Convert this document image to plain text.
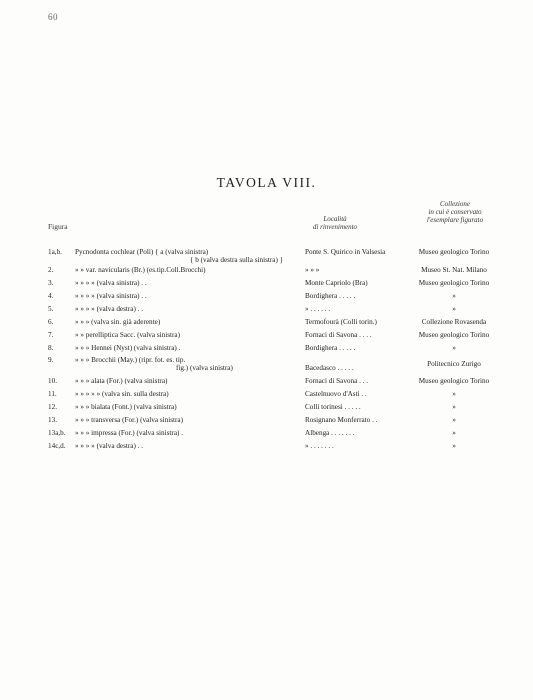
60
TAVOLA VIII.
Figura
Località
di rinvenimento
Collezione
in cui è conservato
l'esemplare figurato
1a,b. Pycnodonta cochlear (Poli) { a (valva sinistra)	Ponte S. Quirico in Valsesia	Museo geologico Torino
{ b (valva destra sulla sinistra) }
2.	» » var. navicularis (Br.) (es.tip.Coll.Brocchi)	» » »	Museo St. Nat. Milano
3.	» » » » (valva sinistra) . .	Monte Capriolo (Bra)	Museo geologico Torino
4.	» » » » (valva sinistra) . .	Bordighera . . . . .	»
5.	» » » » (valva destra) . .	» . . . . . .	»
6.	» » » (valva sin. già aderente)	Termofourà (Colli torin.)	Collezione Rovasenda
7.	» » perelliptica Sacc. (valva sinistra)	Fornaci di Savona . . . .	Museo geologico Torino
8.	» » » Hennei (Nyst) (valva sinistra) .	Bordighera . . . . .	»
9.	» » » Brocchii (May.) (ripr. fot. es. tip.
fig.) (valva sinistra)	Bacedasco . . . . .	Politecnico Zurigo
10.	» » » alata (For.) (valva sinistra)	Fornaci di Savona . . .	Museo geologico Torino
11.	» » » » » (valva sin. sulla destra)	Castelnuovo d'Asti . .	»
12.	» » » bialata (Font.) (valva sinistra)	Colli torinesi . . . . .	»
13.	» » » transversa (For.) (valva sinistra)	Rosignano Monferrato . .	»
13a,b. » » » impressa (For.) (valva sinistra) .	Albenga . . . . . . .	»
14c,d. » » » » (valva destra) . .	» . . . . . . .	»
